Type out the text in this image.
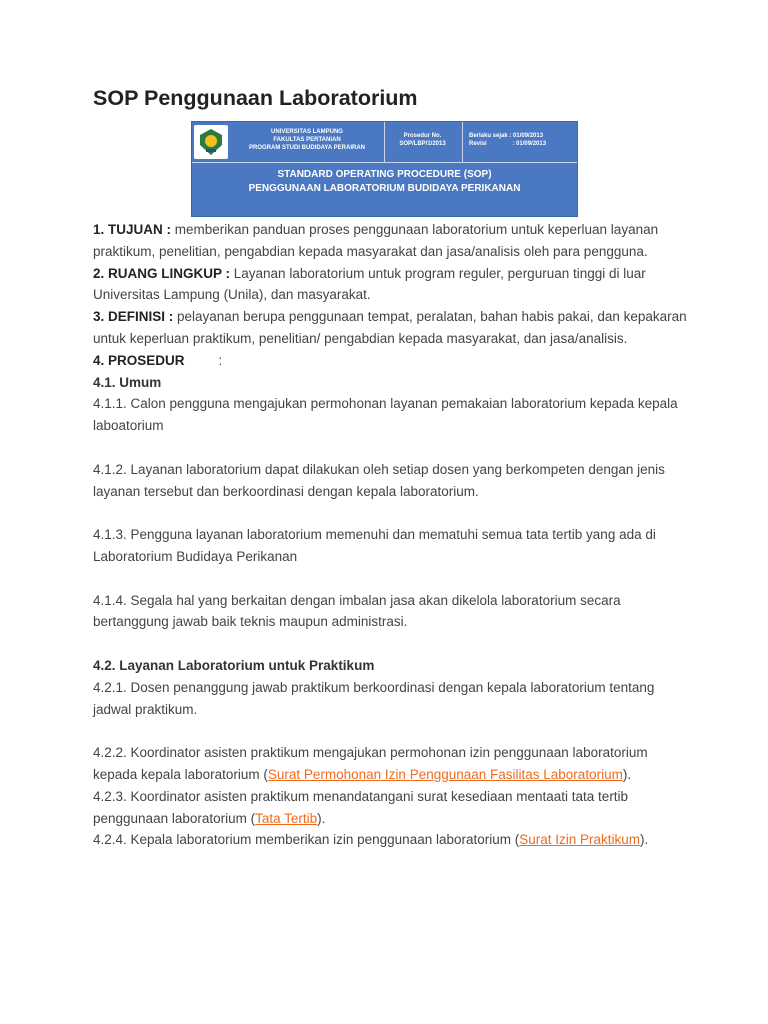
SOP Penggunaan Laboratorium
UNIVERSITAS LAMPUNG
FAKULTAS PERTANIAN
PROGRAM STUDI BUDIDAYA PERAIRAN
Prosedur No.
SOP/LBP/1/2013
Berlaku sejak : 01/09/2013
Revisi	: 01/09/2013
STANDARD OPERATING PROCEDURE (SOP)
PENGGUNAAN LABORATORIUM BUDIDAYA PERIKANAN

1. TUJUAN : memberikan panduan proses penggunaan laboratorium untuk keperluan layanan praktikum, penelitian, pengabdian kepada masyarakat dan jasa/analisis oleh para pengguna.

2. RUANG LINGKUP : Layanan laboratorium untuk program reguler, perguruan tinggi di luar Universitas Lampung (Unila), dan masyarakat.

3. DEFINISI : pelayanan berupa penggunaan tempat, peralatan, bahan habis pakai, dan kepakaran untuk keperluan praktikum, penelitian/ pengabdian kepada masyarakat, dan jasa/analisis.

4. PROSEDUR	:

4.1. Umum

4.1.1. Calon pengguna mengajukan permohonan layanan pemakaian laboratorium kepada kepala laboatorium

4.1.2. Layanan laboratorium dapat dilakukan oleh setiap dosen yang berkompeten dengan jenis layanan tersebut dan berkoordinasi dengan kepala laboratorium.

4.1.3. Pengguna layanan laboratorium memenuhi dan mematuhi semua tata tertib yang ada di Laboratorium Budidaya Perikanan

4.1.4. Segala hal yang berkaitan dengan imbalan jasa akan dikelola laboratorium secara bertanggung jawab baik teknis maupun administrasi.

4.2. Layanan Laboratorium untuk Praktikum

4.2.1. Dosen penanggung jawab praktikum berkoordinasi dengan kepala laboratorium tentang jadwal praktikum.

4.2.2. Koordinator asisten praktikum mengajukan permohonan izin penggunaan laboratorium kepada kepala laboratorium (Surat Permohonan Izin Penggunaan Fasilitas Laboratorium).

4.2.3. Koordinator asisten praktikum menandatangani surat kesediaan mentaati tata tertib penggunaan laboratorium (Tata Tertib).

4.2.4. Kepala laboratorium memberikan izin penggunaan laboratorium (Surat Izin Praktikum).
